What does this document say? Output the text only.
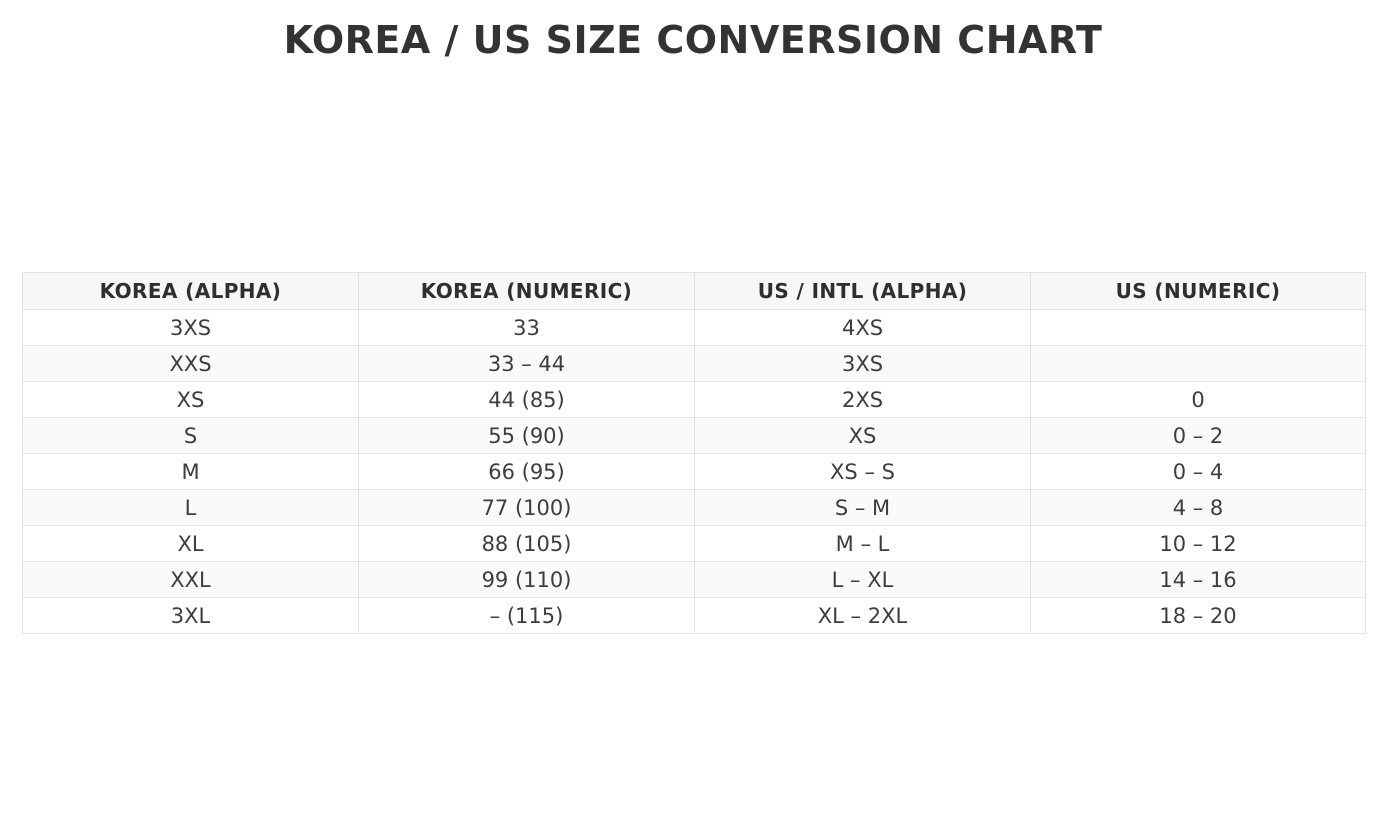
KOREA / US SIZE CONVERSION CHART
KOREA (ALPHA)	KOREA (NUMERIC)	US / INTL (ALPHA)	US (NUMERIC)
3XS	33	4XS	
XXS	33 – 44	3XS	
XS	44 (85)	2XS	0
S	55 (90)	XS	0 – 2
M	66 (95)	XS – S	0 – 4
L	77 (100)	S – M	4 – 8
XL	88 (105)	M – L	10 – 12
XXL	99 (110)	L – XL	14 – 16
3XL	– (115)	XL – 2XL	18 – 20
